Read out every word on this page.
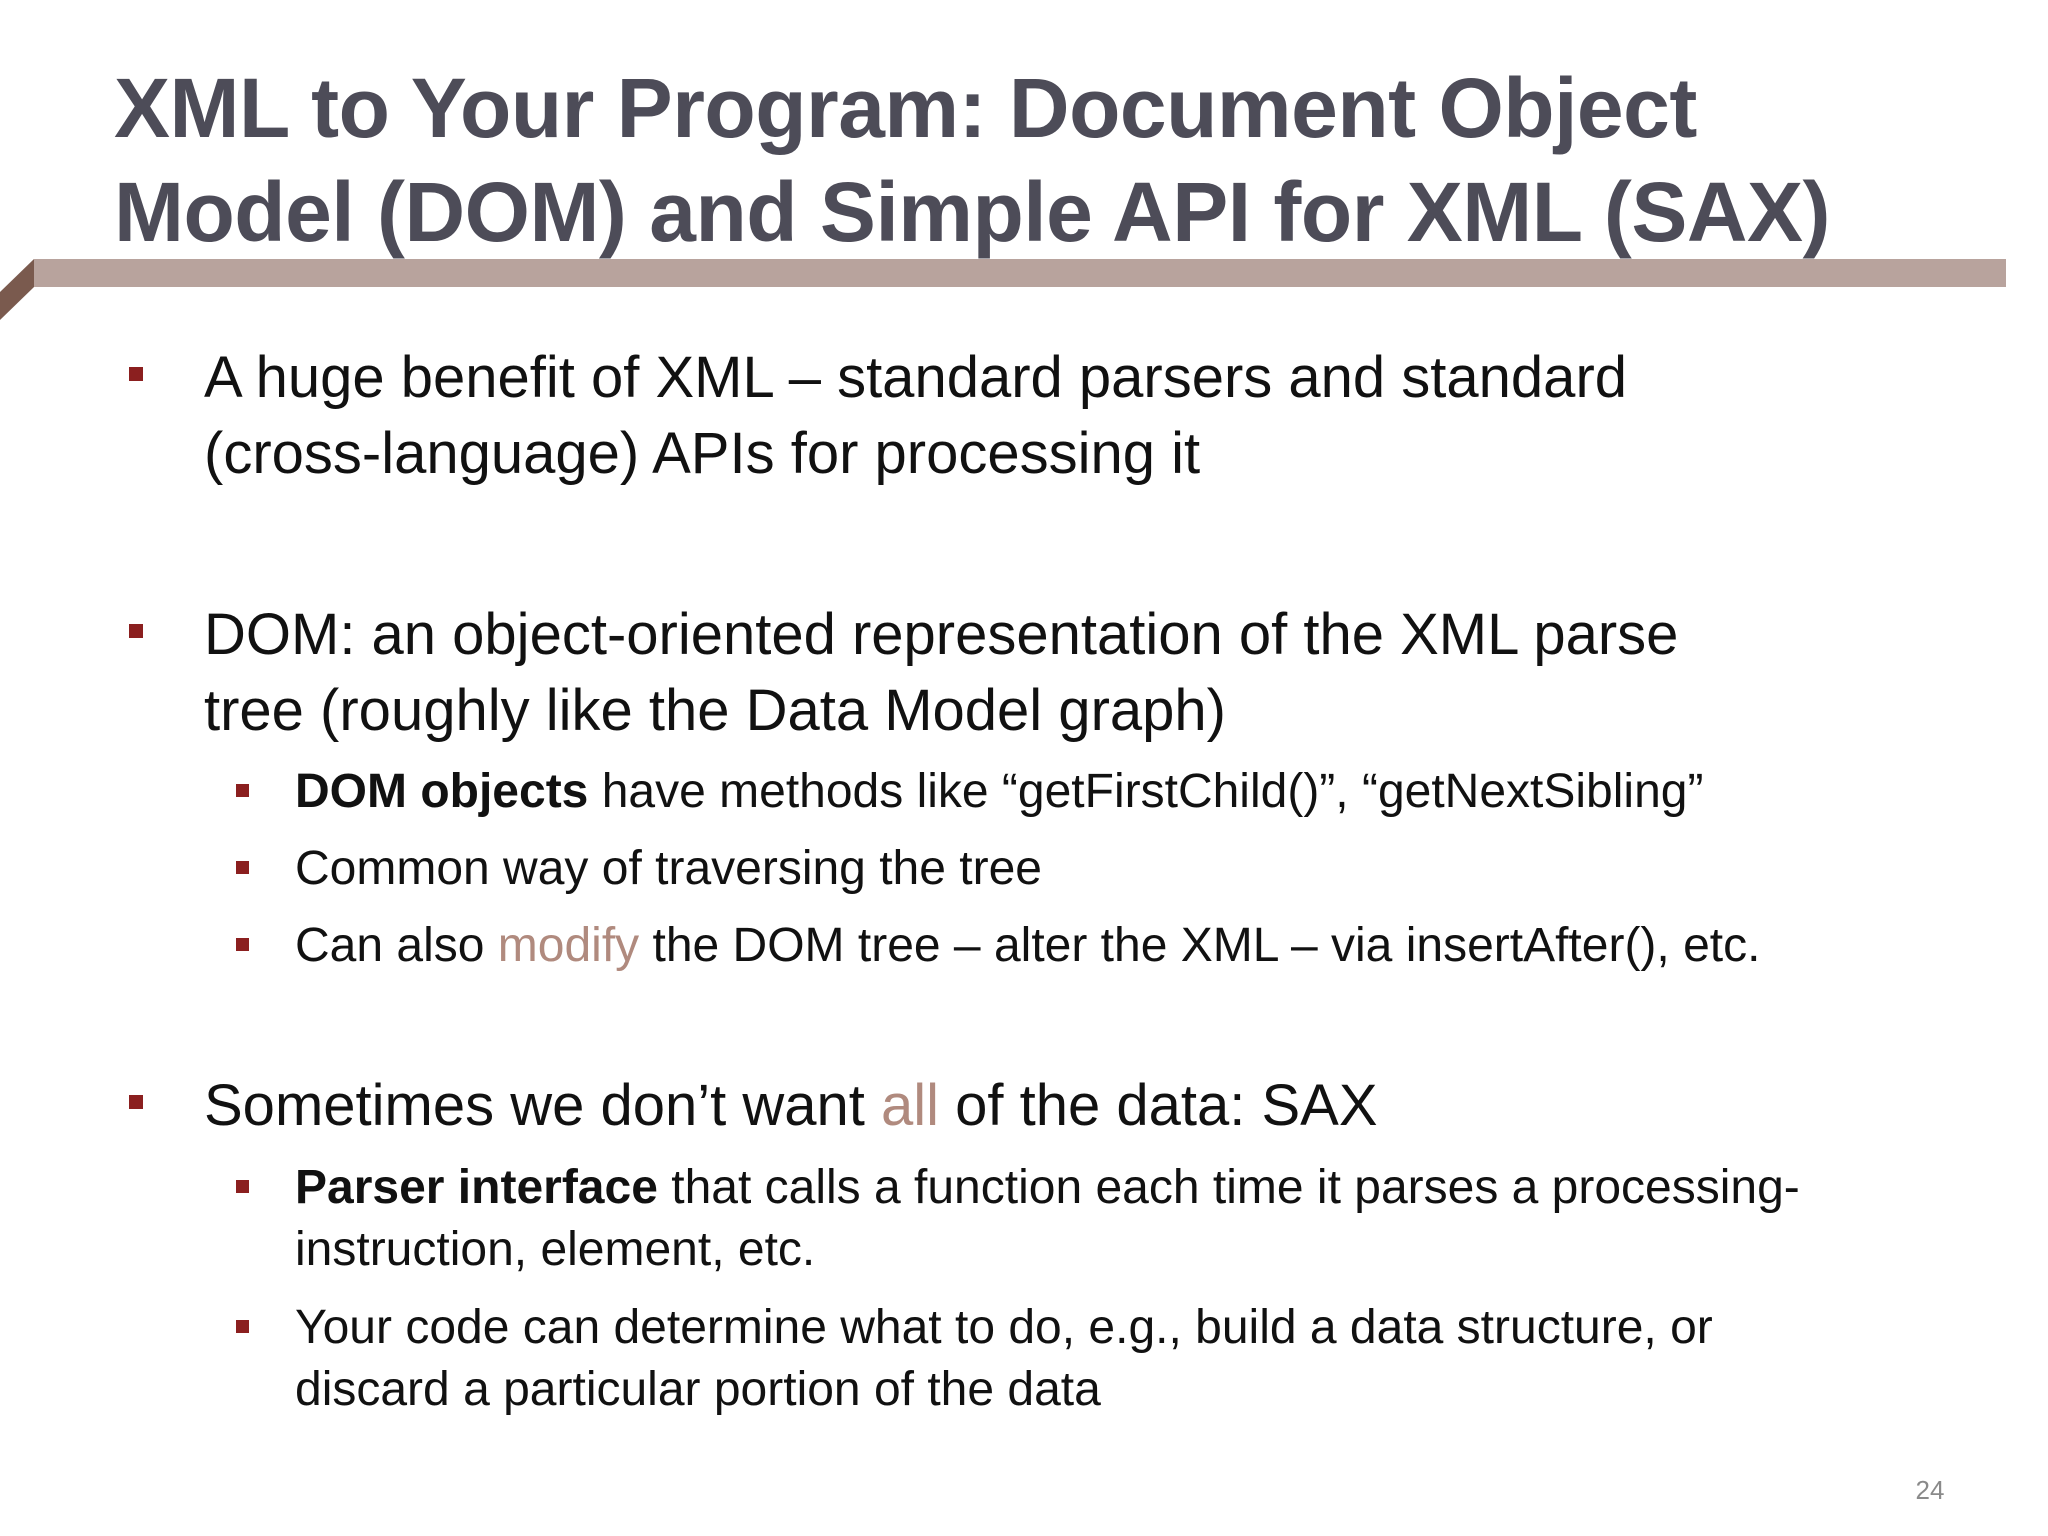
XML to Your Program: Document Object
Model (DOM) and Simple API for XML (SAX)
A huge benefit of XML – standard parsers and standard
(cross-language) APIs for processing it
DOM: an object-oriented representation of the XML parse
tree (roughly like the Data Model graph)
DOM objects have methods like “getFirstChild()”, “getNextSibling”
Common way of traversing the tree
Can also modify the DOM tree – alter the XML – via insertAfter(), etc.
Sometimes we don’t want all of the data: SAX
Parser interface that calls a function each time it parses a processing-
instruction, element, etc.
Your code can determine what to do, e.g., build a data structure, or
discard a particular portion of the data
24
